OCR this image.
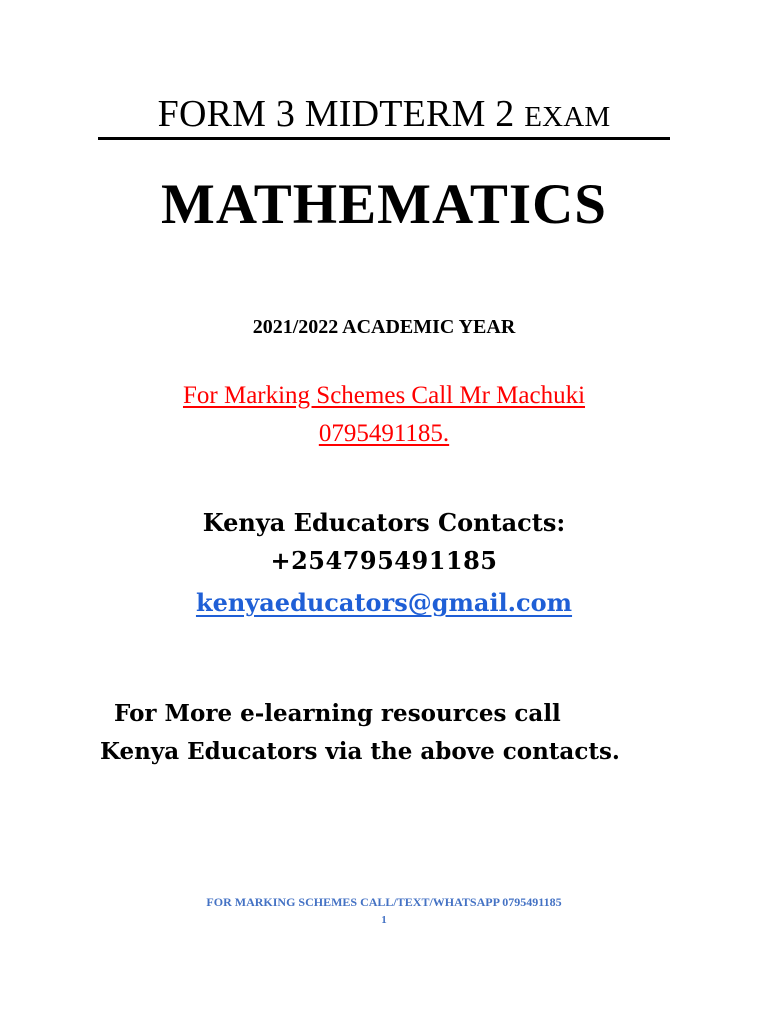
FORM 3 MIDTERM 2 EXAM
MATHEMATICS
2021/2022 ACADEMIC YEAR
For Marking Schemes Call Mr Machuki
0795491185.
Kenya Educators Contacts:
+254795491185
kenyaeducators@gmail.com
For More e-learning resources call
Kenya Educators via the above contacts.
FOR MARKING SCHEMES CALL/TEXT/WHATSAPP 0795491185
1
